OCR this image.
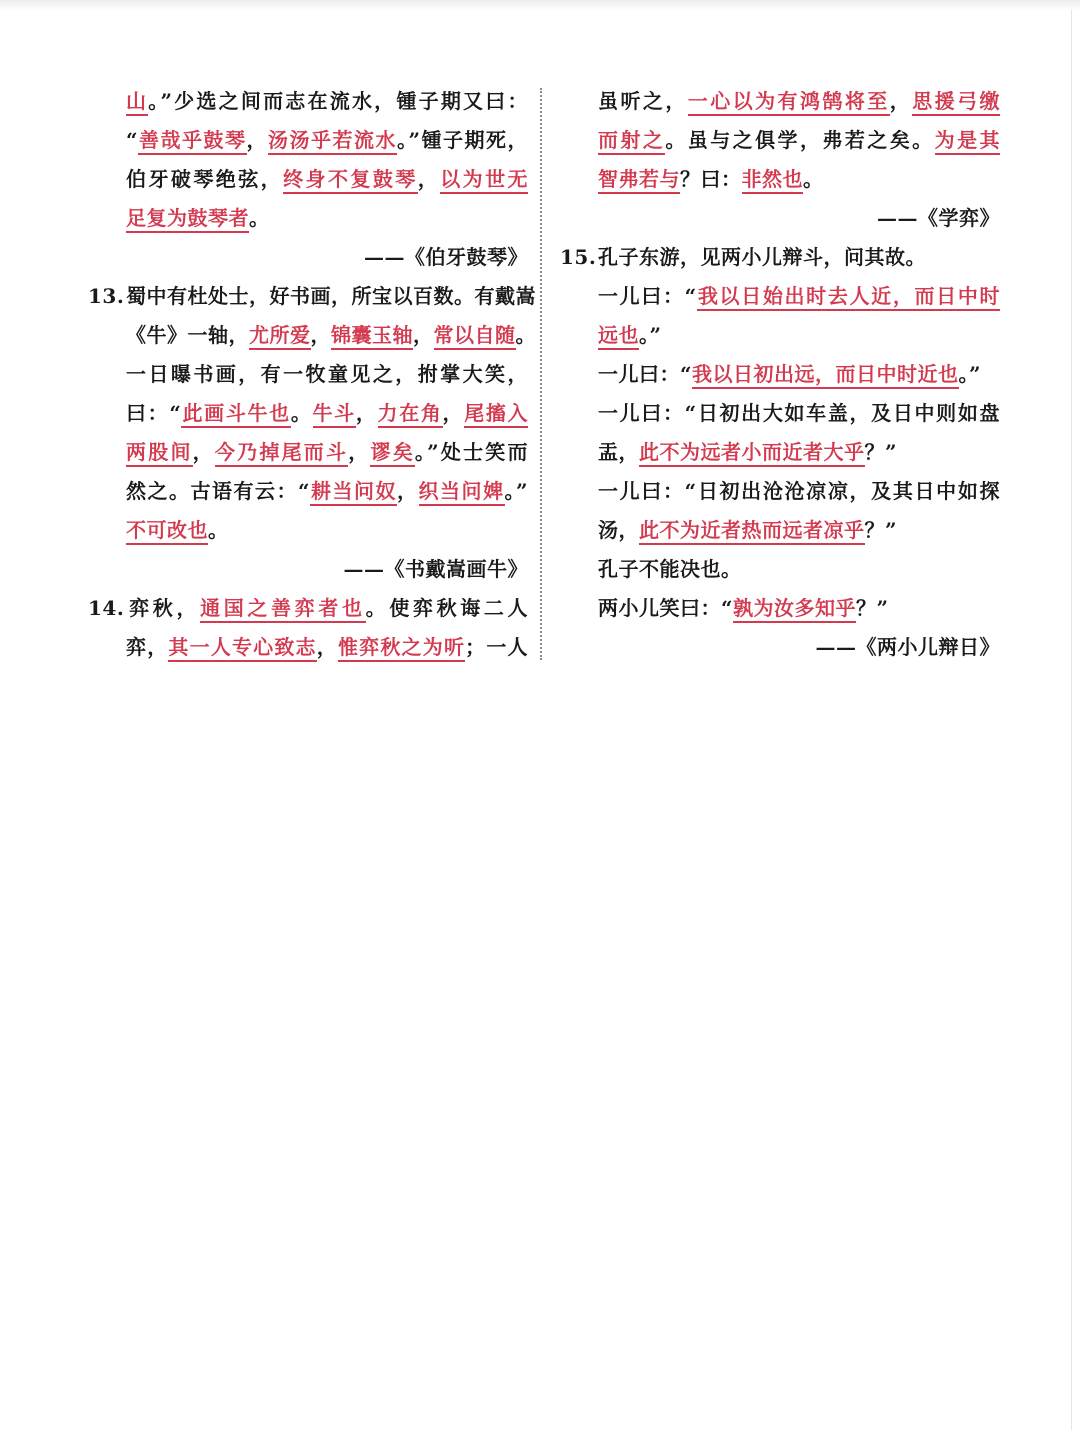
山。”少选之间而志在流水，锺子期又曰：
“善哉乎鼓琴，汤汤乎若流水。”锺子期死，
伯牙破琴绝弦，终身不复鼓琴，以为世无
足复为鼓琴者。
——《伯牙鼓琴》
13.蜀中有杜处士，好书画，所宝以百数。有戴嵩
《牛》一轴，尤所爱，锦囊玉轴，常以自随。
一日曝书画，有一牧童见之，拊掌大笑，
曰：“此画斗牛也。牛斗，力在角，尾搐入
两股间，今乃掉尾而斗，谬矣。”处士笑而
然之。古语有云：“耕当问奴，织当问婢。”
不可改也。
——《书戴嵩画牛》
14.弈秋，通国之善弈者也。使弈秋诲二人
弈，其一人专心致志，惟弈秋之为听；一人
虽听之，一心以为有鸿鹄将至，思援弓缴
而射之。虽与之俱学，弗若之矣。为是其
智弗若与？曰：非然也。
——《学弈》
15.孔子东游，见两小儿辩斗，问其故。
一儿曰：“我以日始出时去人近，而日中时
远也。”
一儿曰：“我以日初出远，而日中时近也。”
一儿曰：“日初出大如车盖，及日中则如盘
盂，此不为远者小而近者大乎？”
一儿曰：“日初出沧沧凉凉，及其日中如探
汤，此不为近者热而远者凉乎？”
孔子不能决也。
两小儿笑曰：“孰为汝多知乎？”
——《两小儿辩日》
